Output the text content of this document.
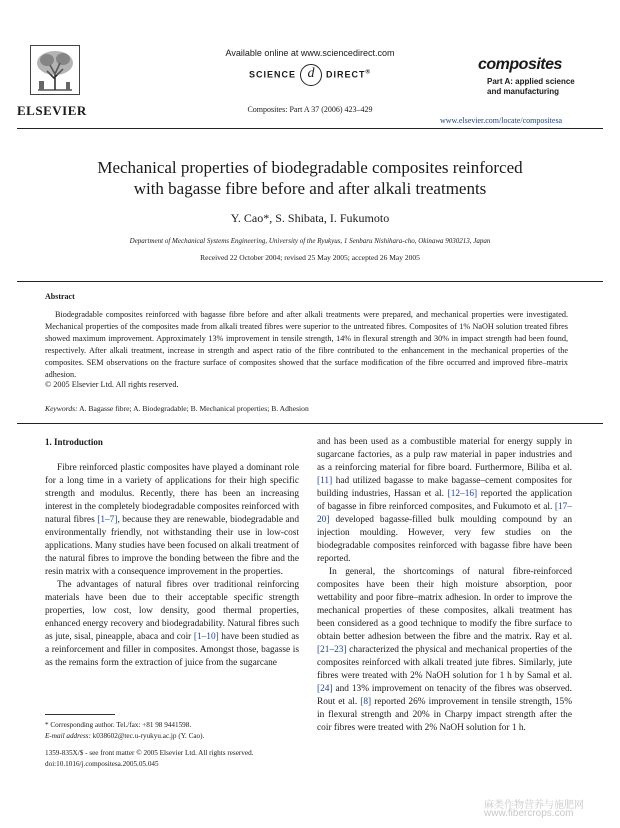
ELSEVIER
Available online at www.sciencedirect.com
SCIENCE d DIRECT®
Composites: Part A 37 (2006) 423–429
composites
Part A: applied science
and manufacturing
www.elsevier.com/locate/compositesa
Mechanical properties of biodegradable composites reinforced
with bagasse fibre before and after alkali treatments
Y. Cao*, S. Shibata, I. Fukumoto
Department of Mechanical Systems Engineering, University of the Ryukyus, 1 Senbaru Nishihara-cho, Okinawa 9030213, Japan
Received 22 October 2004; revised 25 May 2005; accepted 26 May 2005
Abstract
Biodegradable composites reinforced with bagasse fibre before and after alkali treatments were prepared, and mechanical properties were investigated. Mechanical properties of the composites made from alkali treated fibres were superior to the untreated fibres. Composites of 1% NaOH solution treated fibres showed maximum improvement. Approximately 13% improvement in tensile strength, 14% in flexural strength and 30% in impact strength had been found, respectively. After alkali treatment, increase in strength and aspect ratio of the fibre contributed to the enhancement in the mechanical properties of the composites. SEM observations on the fracture surface of composites showed that the surface modification of the fibre occurred and improved fibre–matrix adhesion.
© 2005 Elsevier Ltd. All rights reserved.
Keywords: A. Bagasse fibre; A. Biodegradable; B. Mechanical properties; B. Adhesion
1. Introduction

Fibre reinforced plastic composites have played a dominant role for a long time in a variety of applications for their high specific strength and modulus. Recently, there has been an increasing interest in the completely biodegradable composites reinforced with natural fibres [1–7], because they are renewable, biodegradable and environmentally friendly, not withstanding their use in low-cost applications. Many studies have been focused on alkali treatment of the natural fibres to improve the bonding between the fibre and the resin matrix with a consequence improvement in the properties.

The advantages of natural fibres over traditional reinforcing materials have been due to their acceptable specific strength properties, low cost, low density, good thermal properties, enhanced energy recovery and biodegradability. Natural fibres such as jute, sisal, pineapple, abaca and coir [1–10] have been studied as a reinforcement and filler in composites. Amongst those, bagasse is as the remains form the extraction of juice from the sugarcane

and has been used as a combustible material for energy supply in sugarcane factories, as a pulp raw material in paper industries and as a reinforcing material for fibre board. Furthermore, Biliba et al. [11] had utilized bagasse to make bagasse–cement composites for building industries, Hassan et al. [12–16] reported the application of bagasse in fibre reinforced composites, and Fukumoto et al. [17–20] developed bagasse-filled bulk moulding compound by an injection moulding. However, very few studies on the biodegradable composites reinforced with bagasse fibre have been reported.

In general, the shortcomings of natural fibre-reinforced composites have been their high moisture absorption, poor wettability and poor fibre–matrix adhesion. In order to improve the mechanical properties of these composites, alkali treatment has been considered as a good technique to modify the fibre surface to obtain better adhesion between the fibre and the matrix. Ray et al. [21–23] characterized the physical and mechanical properties of the composites reinforced with alkali treated jute fibres. Similarly, jute fibres were treated with 2% NaOH solution for 1 h by Samal et al. [24] and 13% improvement on tenacity of the fibres was observed. Rout et al. [8] reported 26% improvement in tensile strength, 15% in flexural strength and 20% in Charpy impact strength after the coir fibres were treated with 2% NaOH solution for 1 h.

* Corresponding author. Tel./fax: +81 98 9441598.
E-mail address: k038602@tec.u-ryukyu.ac.jp (Y. Cao).
1359-835X/$ - see front matter © 2005 Elsevier Ltd. All rights reserved.
doi:10.1016/j.compositesa.2005.05.045
麻类作物营养与施肥网
www.fibercrops.com
